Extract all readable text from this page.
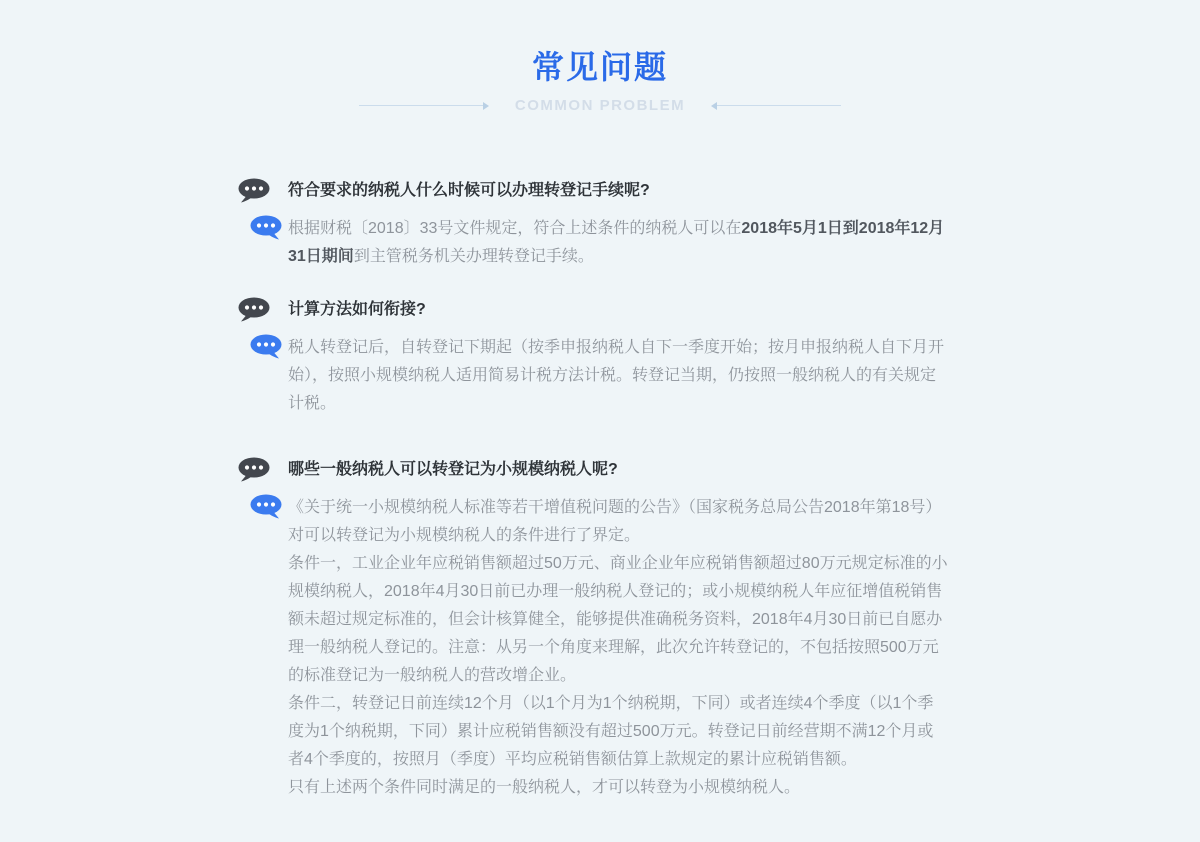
常见问题
COMMON PROBLEM
符合要求的纳税人什么时候可以办理转登记手续呢?
根据财税〔2018〕33号文件规定，符合上述条件的纳税人可以在2018年5月1日到2018年12月31日期间到主管税务机关办理转登记手续。
计算方法如何衔接?
税人转登记后，自转登记下期起（按季申报纳税人自下一季度开始；按月申报纳税人自下月开始），按照小规模纳税人适用简易计税方法计税。转登记当期，仍按照一般纳税人的有关规定计税。
哪些一般纳税人可以转登记为小规模纳税人呢?

《关于统一小规模纳税人标准等若干增值税问题的公告》（国家税务总局公告2018年第18号）对可以转登记为小规模纳税人的条件进行了界定。

条件一，工业企业年应税销售额超过50万元、商业企业年应税销售额超过80万元规定标准的小规模纳税人，2018年4月30日前已办理一般纳税人登记的；或小规模纳税人年应征增值税销售额未超过规定标准的，但会计核算健全，能够提供准确税务资料，2018年4月30日前已自愿办理一般纳税人登记的。注意：从另一个角度来理解，此次允许转登记的，不包括按照500万元的标准登记为一般纳税人的营改增企业。

条件二，转登记日前连续12个月（以1个月为1个纳税期，下同）或者连续4个季度（以1个季度为1个纳税期，下同）累计应税销售额没有超过500万元。转登记日前经营期不满12个月或者4个季度的，按照月（季度）平均应税销售额估算上款规定的累计应税销售额。

只有上述两个条件同时满足的一般纳税人，才可以转登为小规模纳税人。
